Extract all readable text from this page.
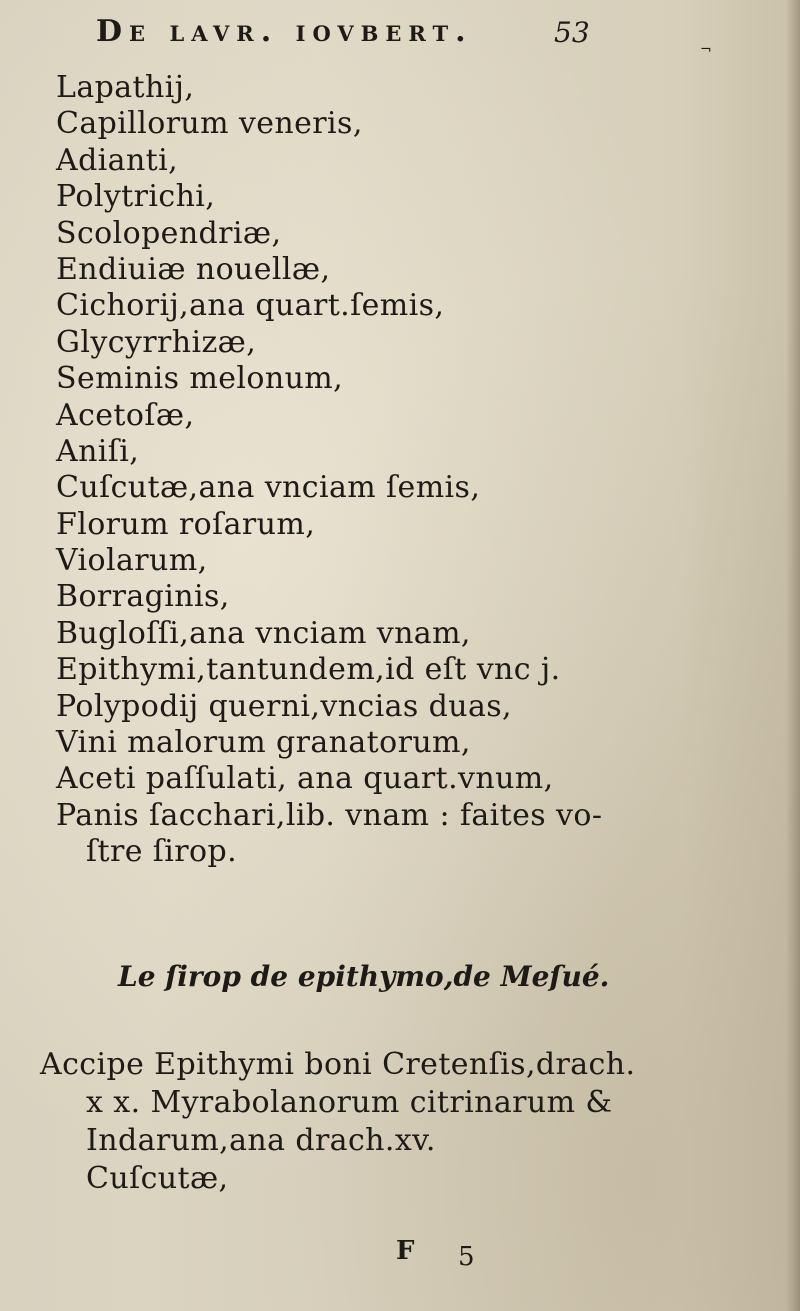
De lavr. iovbert.	53
¬
Lapathij,
Capillorum veneris,
Adianti,
Polytrichi,
Scolopendriæ,
Endiuiæ nouellæ,
Cichorij,ana quart.ſemis,
Glycyrrhizæ,
Seminis melonum,
Acetoſæ,
Aniſi,
Cuſcutæ,ana vnciam ſemis,
Florum roſarum,
Violarum,
Borraginis,
Bugloſſi,ana vnciam vnam,
Epithymi,tantundem,id eſt vnc j.
Polypodij querni,vncias duas,
Vini malorum granatorum,
Aceti paſſulati, ana quart.vnum,
Panis ſacchari,lib. vnam : faites vo-
ſtre ſirop.
Le ſirop de epithymo,de Meſué.
Accipe Epithymi boni Cretenſis,drach.
x x. Myrabolanorum citrinarum &
Indarum,ana drach.xv.
Cuſcutæ,
F 5
